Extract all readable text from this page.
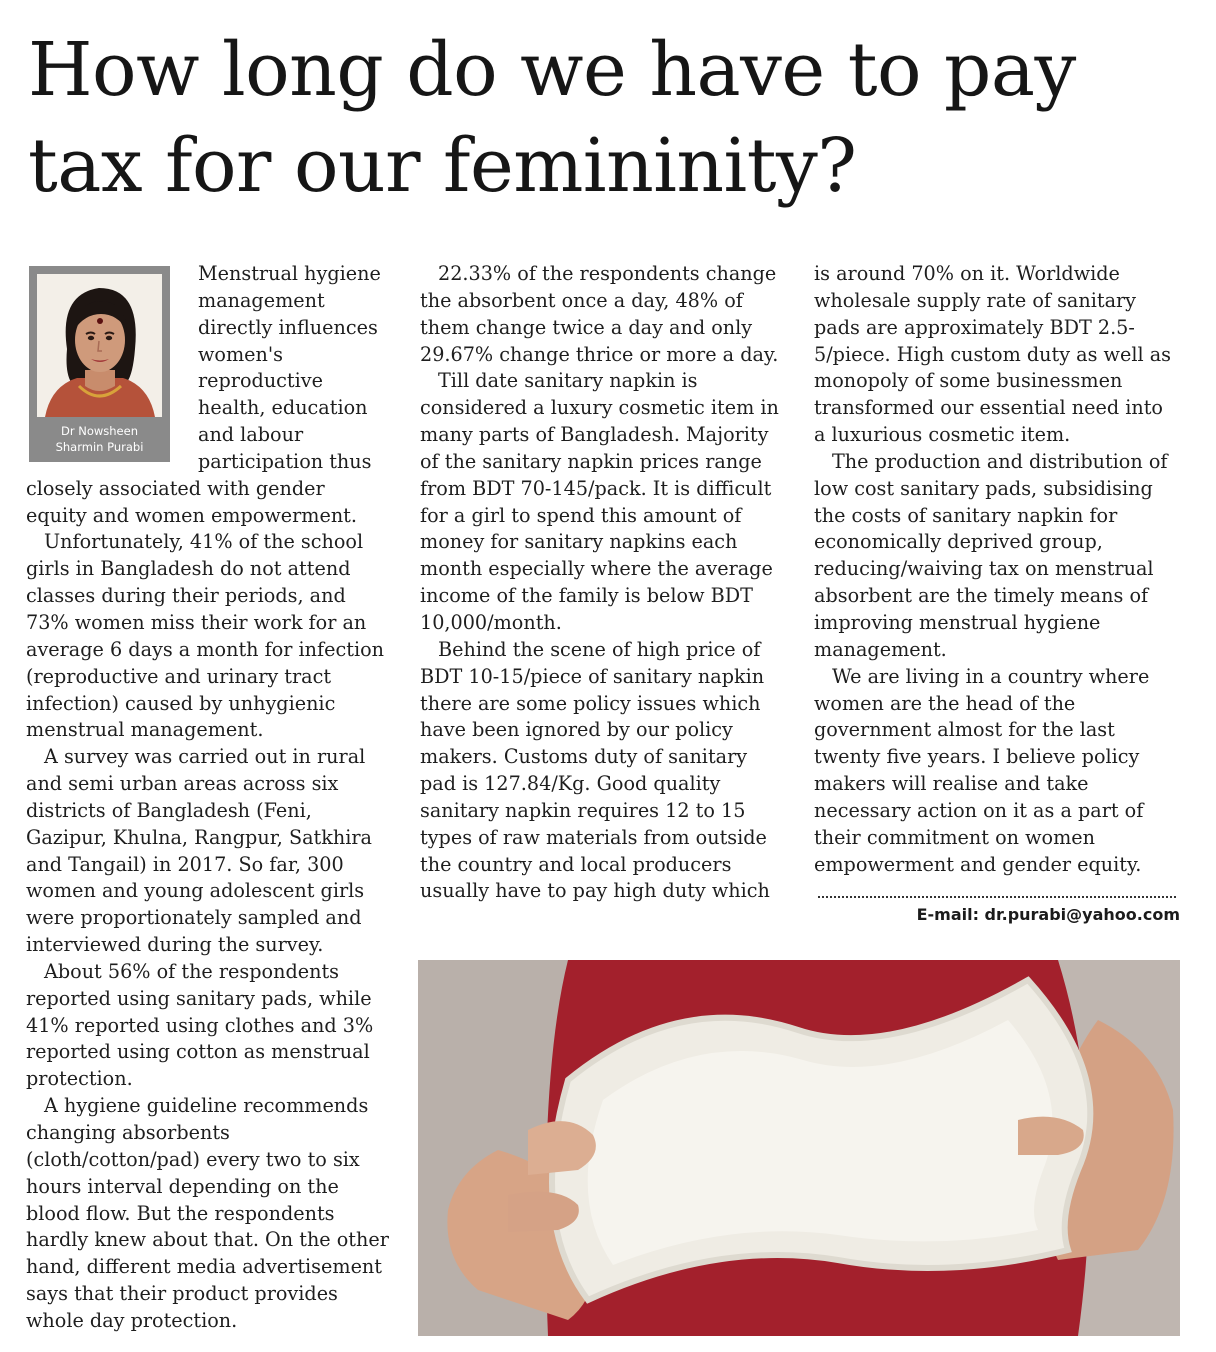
How long do we have to pay tax for our femininity?
Dr Nowsheen Sharmin Purabi

Menstrual hygiene management directly influences women's reproductive health, education and labour participation thus closely associated with gender equity and women empowerment.

Unfortunately, 41% of the school girls in Bangladesh do not attend classes during their periods, and 73% women miss their work for an average 6 days a month for infection (reproductive and urinary tract infection) caused by unhygienic menstrual management.

A survey was carried out in rural and semi urban areas across six districts of Bangladesh (Feni, Gazipur, Khulna, Rangpur, Satkhira and Tangail) in 2017. So far, 300 women and young adolescent girls were proportionately sampled and interviewed during the survey.

About 56% of the respondents reported using sanitary pads, while 41% reported using clothes and 3% reported using cotton as menstrual protection.

A hygiene guideline recommends changing absorbents (cloth/cotton/pad) every two to six hours interval depending on the blood flow. But the respondents hardly knew about that. On the other hand, different media advertisement says that their product provides whole day protection.

22.33% of the respondents change the absorbent once a day, 48% of them change twice a day and only 29.67% change thrice or more a day.

Till date sanitary napkin is considered a luxury cosmetic item in many parts of Bangladesh. Majority of the sanitary napkin prices range from BDT 70-145/pack. It is difficult for a girl to spend this amount of money for sanitary napkins each month especially where the average income of the family is below BDT 10,000/month.

Behind the scene of high price of BDT 10-15/piece of sanitary napkin there are some policy issues which have been ignored by our policy makers. Customs duty of sanitary pad is 127.84/Kg. Good quality sanitary napkin requires 12 to 15 types of raw materials from outside the country and local producers usually have to pay high duty which

is around 70% on it. Worldwide wholesale supply rate of sanitary pads are approximately BDT 2.5-5/piece. High custom duty as well as monopoly of some businessmen transformed our essential need into a luxurious cosmetic item.

The production and distribution of low cost sanitary pads, subsidising the costs of sanitary napkin for economically deprived group, reducing/waiving tax on menstrual absorbent are the timely means of improving menstrual hygiene management.

We are living in a country where women are the head of the government almost for the last twenty five years. I believe policy makers will realise and take necessary action on it as a part of their commitment on women empowerment and gender equity.

E-mail: dr.purabi@yahoo.com
